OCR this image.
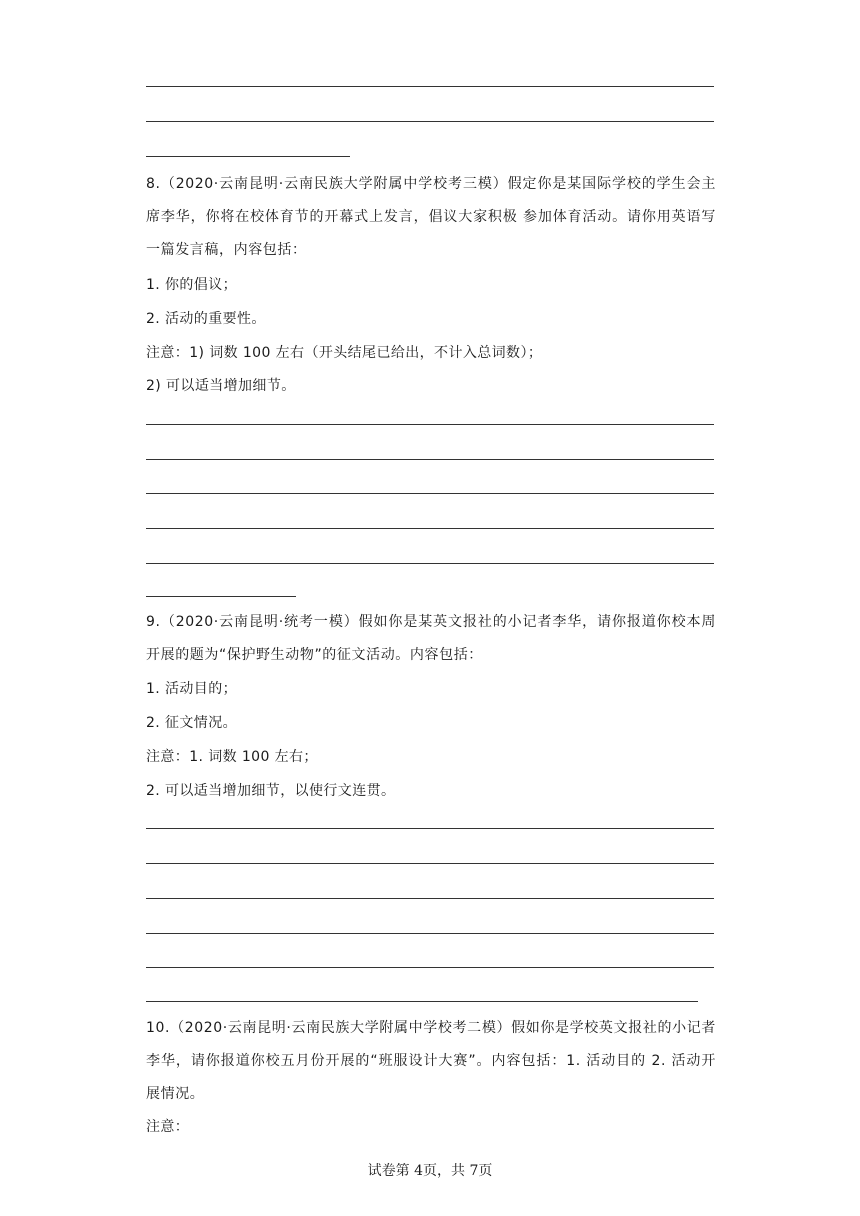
8.（2020·云南昆明·云南民族大学附属中学校考三模）假定你是某国际学校的学生会主席李华，你将在校体育节的开幕式上发言，倡议大家积极 参加体育活动。请你用英语写一篇发言稿，内容包括：
1. 你的倡议；
2. 活动的重要性。
注意：1) 词数 100 左右（开头结尾已给出，不计入总词数）；
2) 可以适当增加细节。
9.（2020·云南昆明·统考一模）假如你是某英文报社的小记者李华，请你报道你校本周开展的题为“保护野生动物”的征文活动。内容包括：
1. 活动目的；
2. 征文情况。
注意：1. 词数 100 左右；
2. 可以适当增加细节，以使行文连贯。
10.（2020·云南昆明·云南民族大学附属中学校考二模）假如你是学校英文报社的小记者李华，请你报道你校五月份开展的“班服设计大赛”。内容包括：1. 活动目的 2. 活动开展情况。
注意：
试卷第 4页，共 7页
